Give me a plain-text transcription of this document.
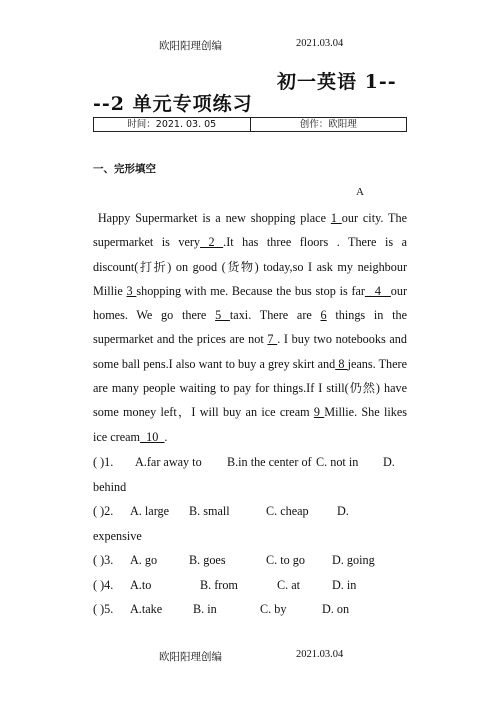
欧阳阳理创编	2021.03.04
初一英语 1--
--2 单元专项练习
时间：2021. 03. 05	创作：欧阳理
一、完形填空
A
Happy Supermarket is a new shopping place 1 our city. The supermarket is very 2 .It has three floors . There is a discount(打折) on good (货物) today,so I ask my neighbour Millie 3 shopping with me. Because the bus stop is far_ 4 _our homes. We go there 5 taxi. There are 6 things in the supermarket and the prices are not 7 . I buy two notebooks and some ball pens.I also want to buy a grey skirt and 8 jeans. There are many people waiting to pay for things.If I still(仍然) have some money left，I will buy an ice cream 9 Millie. She likes ice cream_10_.
( )1. A.far away to B.in the center of C. not in D.
behind
( )2. A. large B. small	C. cheap D.
expensive
( )3. A. go	B. goes	C. to go D. going
( )4. A.to	B. from	C. at	D. in
( )5. A.take	B. in	C. by	D. on
欧阳阳理创编	2021.03.04
